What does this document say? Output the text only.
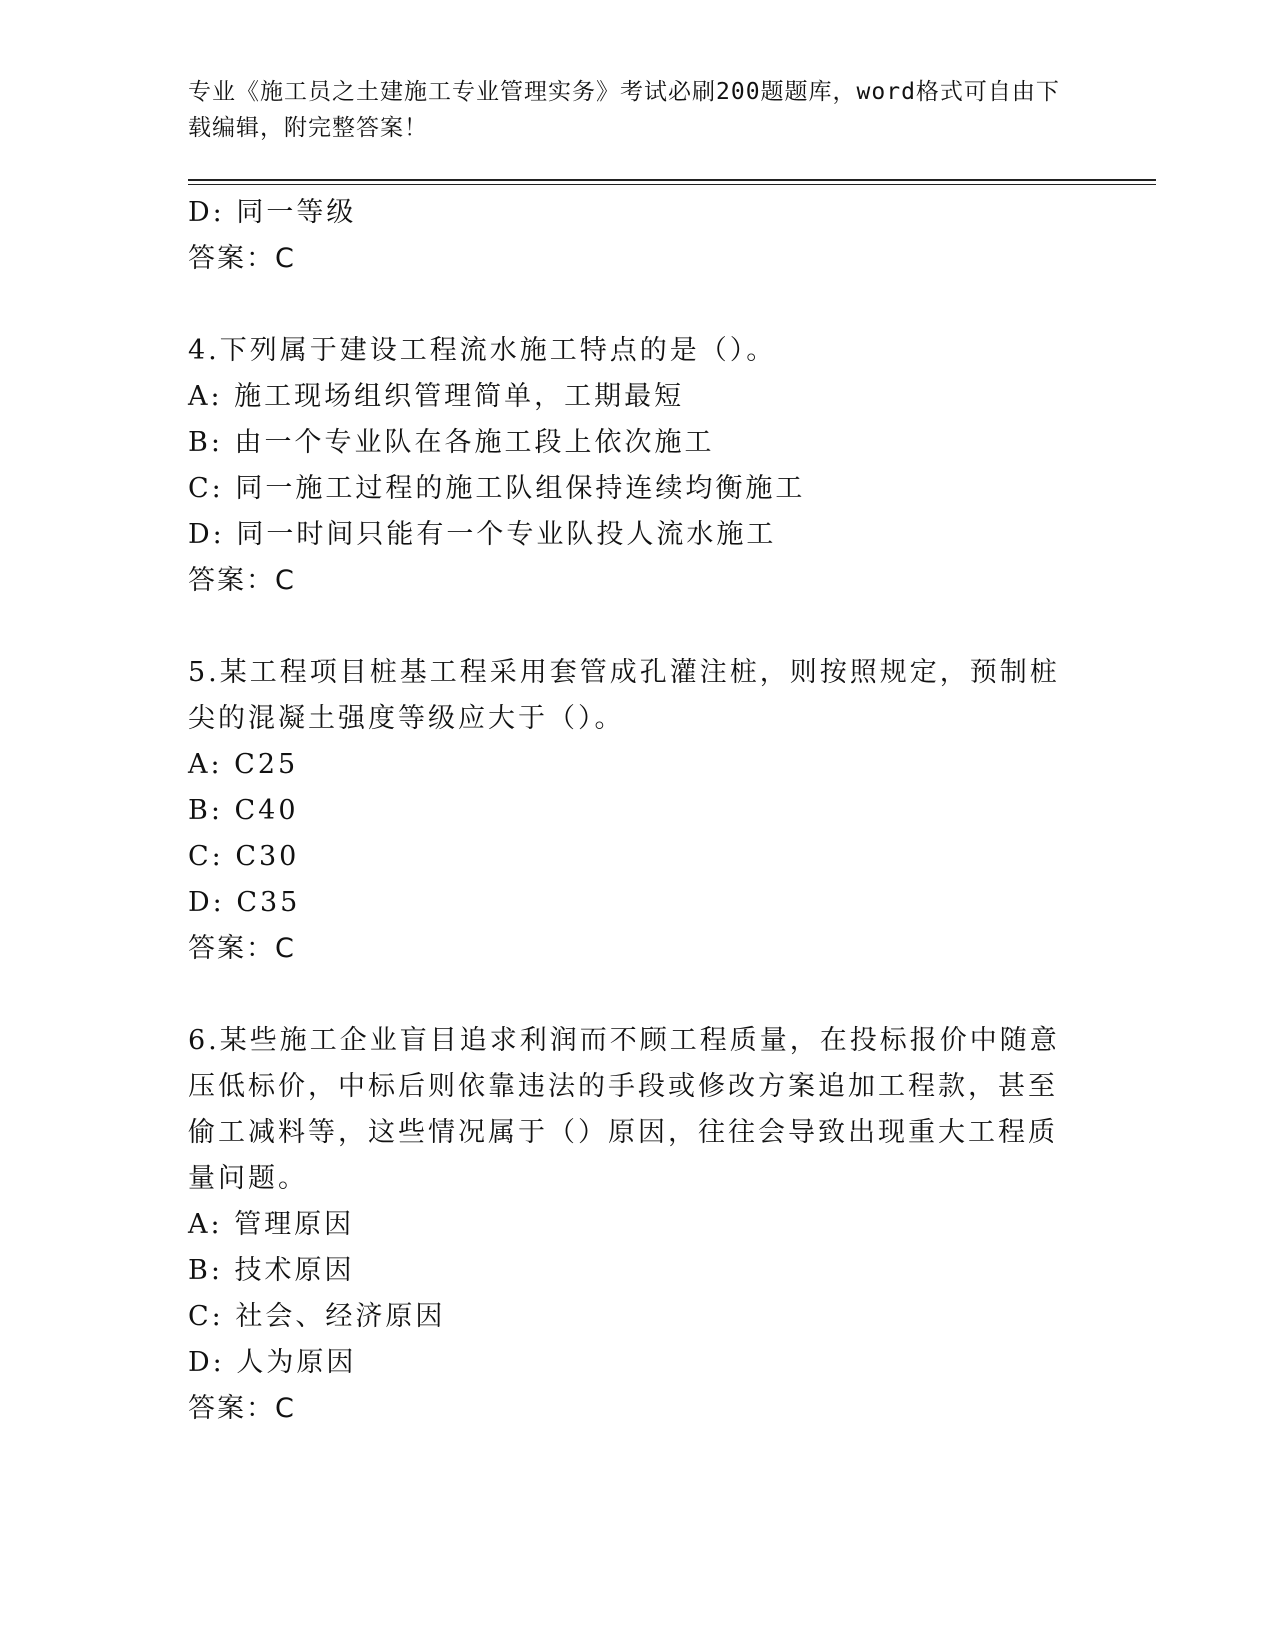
专业《施工员之土建施工专业管理实务》考试必刷200题题库，word格式可自由下载编辑，附完整答案！
D: 同一等级
答案：C
4.下列属于建设工程流水施工特点的是（）。
A: 施工现场组织管理简单，工期最短
B: 由一个专业队在各施工段上依次施工
C: 同一施工过程的施工队组保持连续均衡施工
D: 同一时间只能有一个专业队投人流水施工
答案：C
5.某工程项目桩基工程采用套管成孔灌注桩，则按照规定，预制桩尖的混凝土强度等级应大于（）。
A: C25
B: C40
C: C30
D: C35
答案：C
6.某些施工企业盲目追求利润而不顾工程质量，在投标报价中随意压低标价，中标后则依靠违法的手段或修改方案追加工程款，甚至偷工减料等，这些情况属于（）原因，往往会导致出现重大工程质量问题。
A: 管理原因
B: 技术原因
C: 社会、经济原因
D: 人为原因
答案：C
